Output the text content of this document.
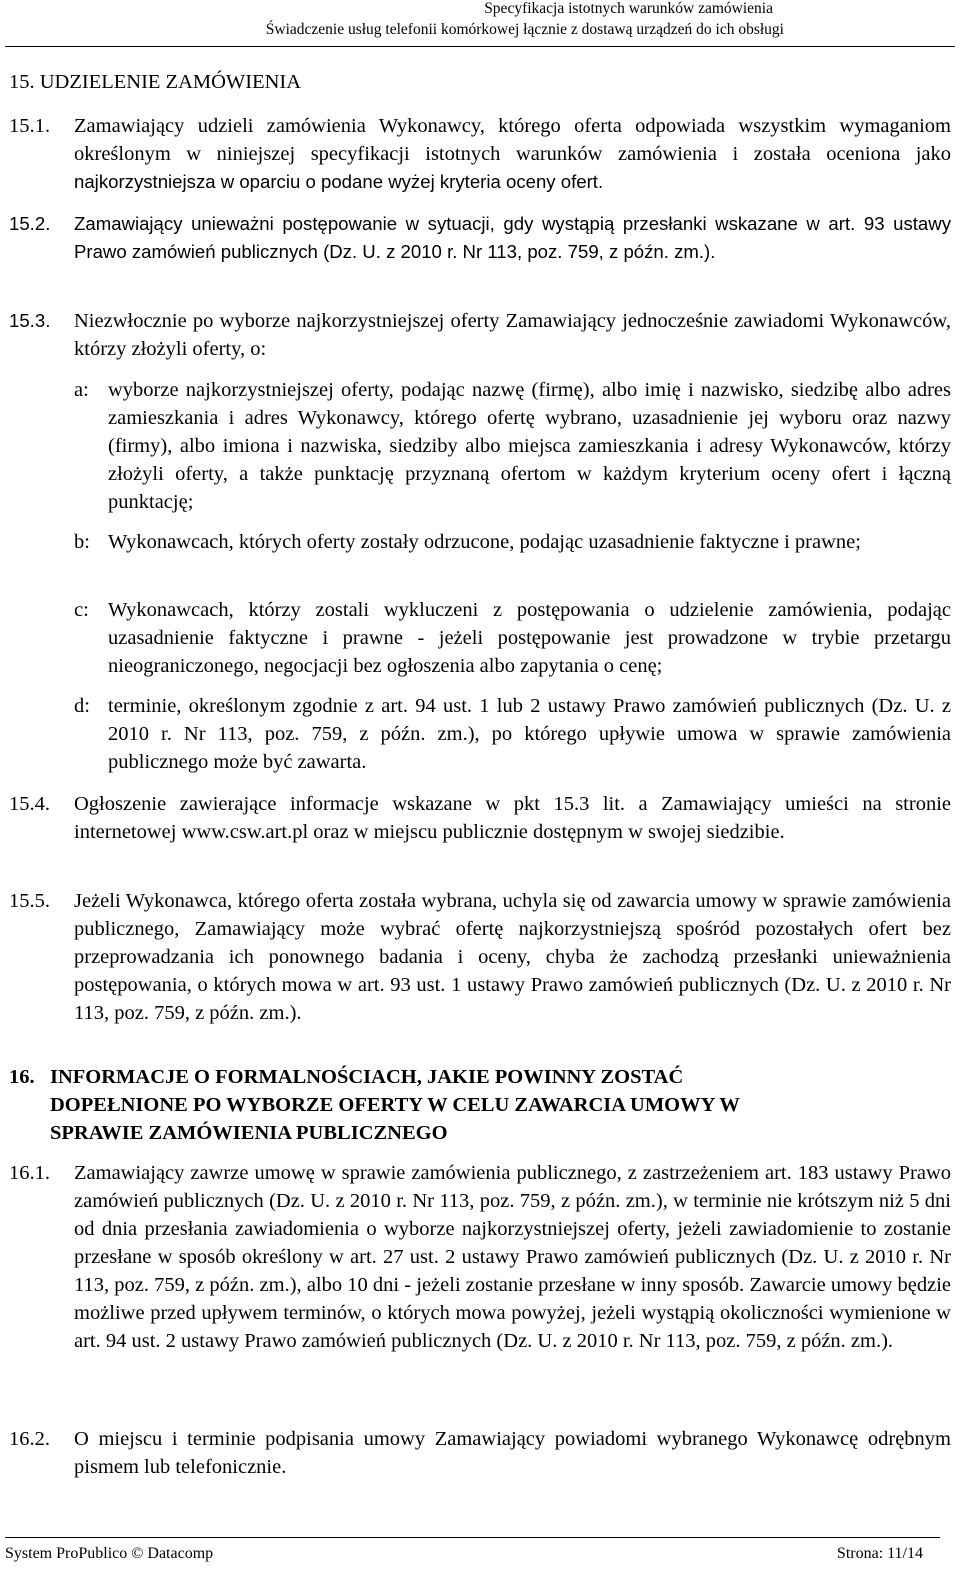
Specyfikacja istotnych warunków zamówienia
Świadczenie usług telefonii komórkowej łącznie z dostawą urządzeń do ich obsługi
15. UDZIELENIE ZAMÓWIENIA
15.1. Zamawiający udzieli zamówienia Wykonawcy, którego oferta odpowiada wszystkim wymaganiom określonym w niniejszej specyfikacji istotnych warunków zamówienia i została oceniona jako najkorzystniejsza w oparciu o podane wyżej kryteria oceny ofert.
15.2. Zamawiający unieważni postępowanie w sytuacji, gdy wystąpią przesłanki wskazane w art. 93 ustawy Prawo zamówień publicznych (Dz. U. z 2010 r. Nr 113, poz. 759, z późn. zm.).
15.3. Niezwłocznie po wyborze najkorzystniejszej oferty Zamawiający jednocześnie zawiadomi Wykonawców, którzy złożyli oferty, o:
a: wyborze najkorzystniejszej oferty, podając nazwę (firmę), albo imię i nazwisko, siedzibę albo adres zamieszkania i adres Wykonawcy, którego ofertę wybrano, uzasadnienie jej wyboru oraz nazwy (firmy), albo imiona i nazwiska, siedziby albo miejsca zamieszkania i adresy Wykonawców, którzy złożyli oferty, a także punktację przyznaną ofertom w każdym kryterium oceny ofert i łączną punktację;
b: Wykonawcach, których oferty zostały odrzucone, podając uzasadnienie faktyczne i prawne;
c: Wykonawcach, którzy zostali wykluczeni z postępowania o udzielenie zamówienia, podając uzasadnienie faktyczne i prawne - jeżeli postępowanie jest prowadzone w trybie przetargu nieograniczonego, negocjacji bez ogłoszenia albo zapytania o cenę;
d: terminie, określonym zgodnie z art. 94 ust. 1 lub 2 ustawy Prawo zamówień publicznych (Dz. U. z 2010 r. Nr 113, poz. 759, z późn. zm.), po którego upływie umowa w sprawie zamówienia publicznego może być zawarta.
15.4. Ogłoszenie zawierające informacje wskazane w pkt 15.3 lit. a Zamawiający umieści na stronie internetowej www.csw.art.pl oraz w miejscu publicznie dostępnym w swojej siedzibie.
15.5. Jeżeli Wykonawca, którego oferta została wybrana, uchyla się od zawarcia umowy w sprawie zamówienia publicznego, Zamawiający może wybrać ofertę najkorzystniejszą spośród pozostałych ofert bez przeprowadzania ich ponownego badania i oceny, chyba że zachodzą przesłanki unieważnienia postępowania, o których mowa w art. 93 ust. 1 ustawy Prawo zamówień publicznych (Dz. U. z 2010 r. Nr 113, poz. 759, z późn. zm.).
16. INFORMACJE O FORMALNOŚCIACH, JAKIE POWINNY ZOSTAĆ
DOPEŁNIONE PO WYBORZE OFERTY W CELU ZAWARCIA UMOWY W
SPRAWIE ZAMÓWIENIA PUBLICZNEGO
16.1. Zamawiający zawrze umowę w sprawie zamówienia publicznego, z zastrzeżeniem art. 183 ustawy Prawo zamówień publicznych (Dz. U. z 2010 r. Nr 113, poz. 759, z późn. zm.), w terminie nie krótszym niż 5 dni od dnia przesłania zawiadomienia o wyborze najkorzystniejszej oferty, jeżeli zawiadomienie to zostanie przesłane w sposób określony w art. 27 ust. 2 ustawy Prawo zamówień publicznych (Dz. U. z 2010 r. Nr 113, poz. 759, z późn. zm.), albo 10 dni - jeżeli zostanie przesłane w inny sposób. Zawarcie umowy będzie możliwe przed upływem terminów, o których mowa powyżej, jeżeli wystąpią okoliczności wymienione w art. 94 ust. 2 ustawy Prawo zamówień publicznych (Dz. U. z 2010 r. Nr 113, poz. 759, z późn. zm.).
16.2. O miejscu i terminie podpisania umowy Zamawiający powiadomi wybranego Wykonawcę odrębnym pismem lub telefonicznie.
System ProPublico © Datacomp	Strona: 11/14
